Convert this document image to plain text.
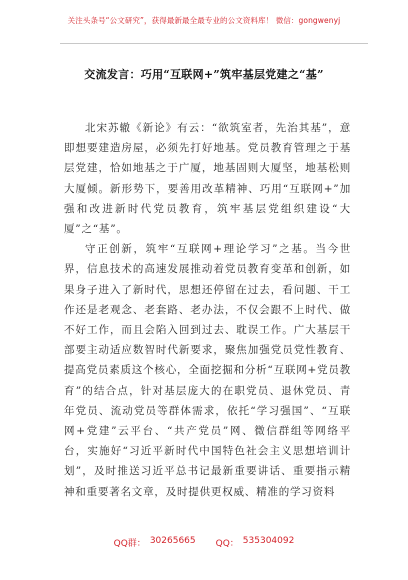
关注头条号“公文研究”，获得最新最全最专业的公文资料库！ 微信：gongwenyj
交流发言：巧用“互联网+”筑牢基层党建之“基”

北宋苏辙《新论》有云：“欲筑室者，先治其基”，意即想要建造房屋，必须先打好地基。党员教育管理之于基层党建，恰如地基之于广厦，地基固则大厦坚，地基松则大厦倾。新形势下，要善用改革精神、巧用“互联网+”加强和改进新时代党员教育，筑牢基层党组织建设“大厦”之“基”。

守正创新，筑牢“互联网+理论学习”之基。当今世界，信息技术的高速发展推动着党员教育变革和创新，如果身子进入了新时代，思想还停留在过去，看问题、干工作还是老观念、老套路、老办法，不仅会跟不上时代、做不好工作，而且会陷入回到过去、耽误工作。广大基层干部要主动适应数智时代新要求，聚焦加强党员党性教育、提高党员素质这个核心，全面挖掘和分析“互联网+党员教育”的结合点，针对基层庞大的在职党员、退休党员、青年党员、流动党员等群体需求，依托“学习强国”、“互联网+党建”云平台、“共产党员”网、微信群组等网络平台，实施好“习近平新时代中国特色社会主义思想培训计划”，及时推送习近平总书记最新重要讲话、重要指示精神和重要著名文章，及时提供更权威、精准的学习资料

QQ群： 30265665 QQ： 535304092
